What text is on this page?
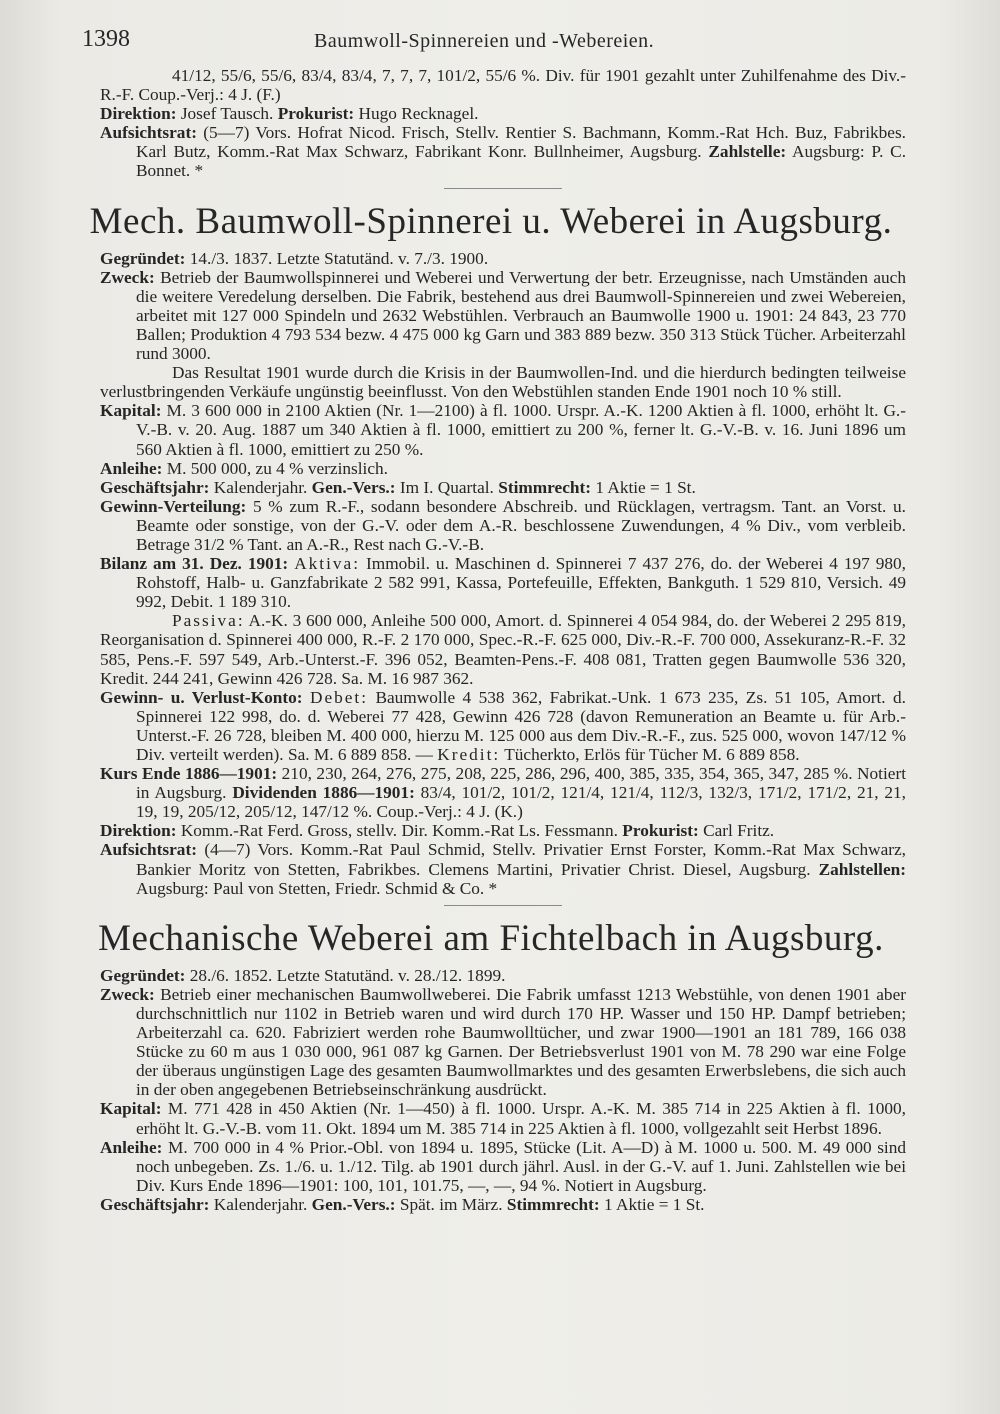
1398	Baumwoll-Spinnereien und -Webereien.

41/12, 55/6, 55/6, 83/4, 83/4, 7, 7, 7, 101/2, 55/6 %. Div. für 1901 gezahlt unter Zuhilfenahme des Div.-R.-F. Coup.-Verj.: 4 J. (F.)

Direktion: Josef Tausch. Prokurist: Hugo Recknagel.

Aufsichtsrat: (5—7) Vors. Hofrat Nicod. Frisch, Stellv. Rentier S. Bachmann, Komm.-Rat Hch. Buz, Fabrikbes. Karl Butz, Komm.-Rat Max Schwarz, Fabrikant Konr. Bullnheimer, Augsburg. Zahlstelle: Augsburg: P. C. Bonnet. *

Mech. Baumwoll-Spinnerei u. Weberei in Augsburg.

Gegründet: 14./3. 1837. Letzte Statutänd. v. 7./3. 1900.

Zweck: Betrieb der Baumwollspinnerei und Weberei und Verwertung der betr. Erzeugnisse, nach Umständen auch die weitere Veredelung derselben. Die Fabrik, bestehend aus drei Baumwoll-Spinnereien und zwei Webereien, arbeitet mit 127 000 Spindeln und 2632 Webstühlen. Verbrauch an Baumwolle 1900 u. 1901: 24 843, 23 770 Ballen; Produktion 4 793 534 bezw. 4 475 000 kg Garn und 383 889 bezw. 350 313 Stück Tücher. Arbeiterzahl rund 3000.

Das Resultat 1901 wurde durch die Krisis in der Baumwollen-Ind. und die hierdurch bedingten teilweise verlustbringenden Verkäufe ungünstig beeinflusst. Von den Webstühlen standen Ende 1901 noch 10 % still.

Kapital: M. 3 600 000 in 2100 Aktien (Nr. 1—2100) à fl. 1000. Urspr. A.-K. 1200 Aktien à fl. 1000, erhöht lt. G.-V.-B. v. 20. Aug. 1887 um 340 Aktien à fl. 1000, emittiert zu 200 %, ferner lt. G.-V.-B. v. 16. Juni 1896 um 560 Aktien à fl. 1000, emittiert zu 250 %.

Anleihe: M. 500 000, zu 4 % verzinslich.

Geschäftsjahr: Kalenderjahr. Gen.-Vers.: Im I. Quartal. Stimmrecht: 1 Aktie = 1 St.

Gewinn-Verteilung: 5 % zum R.-F., sodann besondere Abschreib. und Rücklagen, vertragsm. Tant. an Vorst. u. Beamte oder sonstige, von der G.-V. oder dem A.-R. beschlossene Zuwendungen, 4 % Div., vom verbleib. Betrage 31/2 % Tant. an A.-R., Rest nach G.-V.-B.

Bilanz am 31. Dez. 1901: Aktiva: Immobil. u. Maschinen d. Spinnerei 7 437 276, do. der Weberei 4 197 980, Rohstoff, Halb- u. Ganzfabrikate 2 582 991, Kassa, Portefeuille, Effekten, Bankguth. 1 529 810, Versich. 49 992, Debit. 1 189 310.

Passiva: A.-K. 3 600 000, Anleihe 500 000, Amort. d. Spinnerei 4 054 984, do. der Weberei 2 295 819, Reorganisation d. Spinnerei 400 000, R.-F. 2 170 000, Spec.-R.-F. 625 000, Div.-R.-F. 700 000, Assekuranz-R.-F. 32 585, Pens.-F. 597 549, Arb.-Unterst.-F. 396 052, Beamten-Pens.-F. 408 081, Tratten gegen Baumwolle 536 320, Kredit. 244 241, Gewinn 426 728. Sa. M. 16 987 362.

Gewinn- u. Verlust-Konto: Debet: Baumwolle 4 538 362, Fabrikat.-Unk. 1 673 235, Zs. 51 105, Amort. d. Spinnerei 122 998, do. d. Weberei 77 428, Gewinn 426 728 (davon Remuneration an Beamte u. für Arb.-Unterst.-F. 26 728, bleiben M. 400 000, hierzu M. 125 000 aus dem Div.-R.-F., zus. 525 000, wovon 147/12 % Div. verteilt werden). Sa. M. 6 889 858. — Kredit: Tücherkto, Erlös für Tücher M. 6 889 858.

Kurs Ende 1886—1901: 210, 230, 264, 276, 275, 208, 225, 286, 296, 400, 385, 335, 354, 365, 347, 285 %. Notiert in Augsburg. Dividenden 1886—1901: 83/4, 101/2, 101/2, 121/4, 121/4, 112/3, 132/3, 171/2, 171/2, 21, 21, 19, 19, 205/12, 205/12, 147/12 %. Coup.-Verj.: 4 J. (K.)

Direktion: Komm.-Rat Ferd. Gross, stellv. Dir. Komm.-Rat Ls. Fessmann. Prokurist: Carl Fritz.

Aufsichtsrat: (4—7) Vors. Komm.-Rat Paul Schmid, Stellv. Privatier Ernst Forster, Komm.-Rat Max Schwarz, Bankier Moritz von Stetten, Fabrikbes. Clemens Martini, Privatier Christ. Diesel, Augsburg. Zahlstellen: Augsburg: Paul von Stetten, Friedr. Schmid & Co. *

Mechanische Weberei am Fichtelbach in Augsburg.

Gegründet: 28./6. 1852. Letzte Statutänd. v. 28./12. 1899.

Zweck: Betrieb einer mechanischen Baumwollweberei. Die Fabrik umfasst 1213 Webstühle, von denen 1901 aber durchschnittlich nur 1102 in Betrieb waren und wird durch 170 HP. Wasser und 150 HP. Dampf betrieben; Arbeiterzahl ca. 620. Fabriziert werden rohe Baumwolltücher, und zwar 1900—1901 an 181 789, 166 038 Stücke zu 60 m aus 1 030 000, 961 087 kg Garnen. Der Betriebsverlust 1901 von M. 78 290 war eine Folge der überaus ungünstigen Lage des gesamten Baumwollmarktes und des gesamten Erwerbslebens, die sich auch in der oben angegebenen Betriebseinschränkung ausdrückt.

Kapital: M. 771 428 in 450 Aktien (Nr. 1—450) à fl. 1000. Urspr. A.-K. M. 385 714 in 225 Aktien à fl. 1000, erhöht lt. G.-V.-B. vom 11. Okt. 1894 um M. 385 714 in 225 Aktien à fl. 1000, vollgezahlt seit Herbst 1896.

Anleihe: M. 700 000 in 4 % Prior.-Obl. von 1894 u. 1895, Stücke (Lit. A—D) à M. 1000 u. 500. M. 49 000 sind noch unbegeben. Zs. 1./6. u. 1./12. Tilg. ab 1901 durch jährl. Ausl. in der G.-V. auf 1. Juni. Zahlstellen wie bei Div. Kurs Ende 1896—1901: 100, 101, 101.75, —, —, 94 %. Notiert in Augsburg.

Geschäftsjahr: Kalenderjahr. Gen.-Vers.: Spät. im März. Stimmrecht: 1 Aktie = 1 St.
